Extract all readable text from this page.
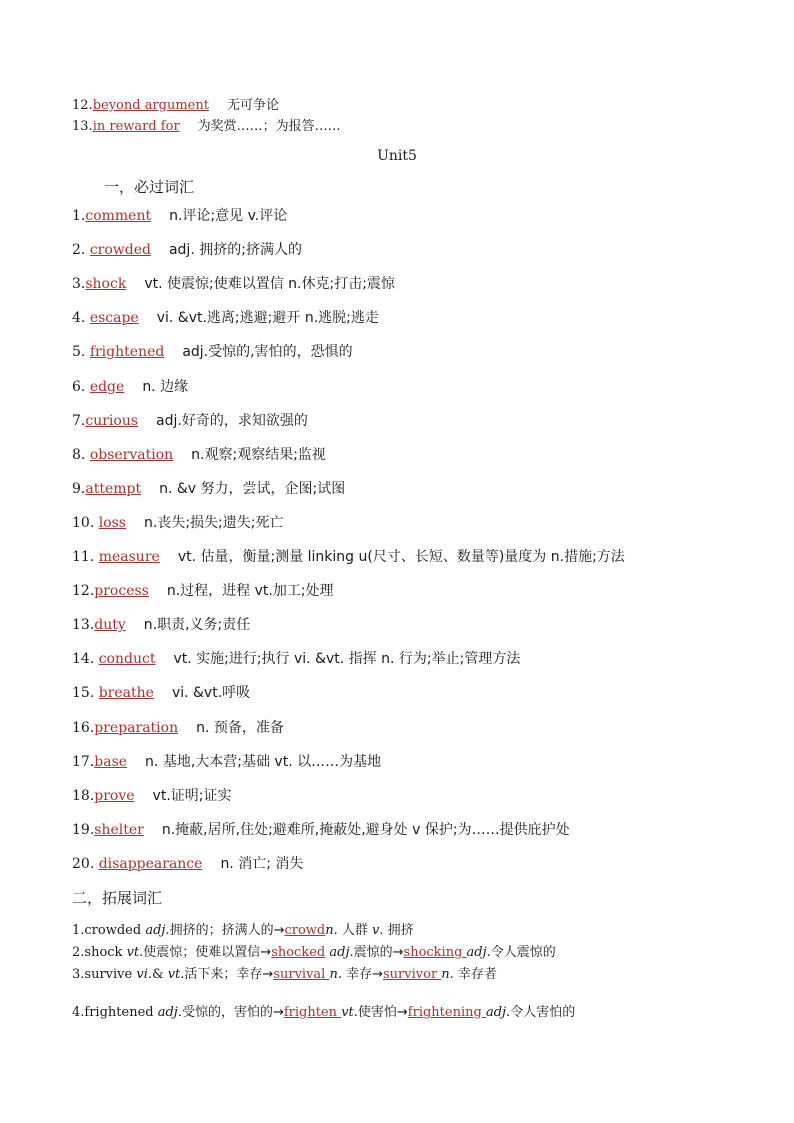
12.beyond argument 无可争论
13.in reward for 为奖赏……；为报答……
Unit5
一，必过词汇
1.comment n.评论;意见 v.评论
2. crowded adj. 拥挤的;挤满人的
3.shock vt. 使震惊;使难以置信 n.休克;打击;震惊
4. escape vi. &vt.逃离;逃避;避开 n.逃脱;逃走
5. frightened adj.受惊的,害怕的，恐惧的
6. edge n. 边缘
7.curious adj.好奇的，求知欲强的
8. observation n.观察;观察结果;监视
9.attempt n. &v 努力，尝试，企图;试图
10. loss n.丧失;损失;遗失;死亡
11. measure vt. 估量，衡量;测量 linking u(尺寸、长短、数量等)量度为 n.措施;方法
12.process n.过程，进程 vt.加工;处理
13.duty n.职责,义务;责任
14. conduct vt. 实施;进行;执行 vi. &vt. 指挥 n. 行为;举止;管理方法
15. breathe vi. &vt.呼吸
16.preparation n. 预备，准备
17.base n. 基地,大本营;基础 vt. 以……为基地
18.prove vt.证明;证实
19.shelter n.掩蔽,居所,住处;避难所,掩蔽处,避身处 v 保护;为……提供庇护处
20. disappearance n. 消亡; 消失
二，拓展词汇
1.crowded adj.拥挤的；挤满人的→crowdn. 人群 v. 拥挤
2.shock vt.使震惊；使难以置信→shocked adj.震惊的→shocking adj.令人震惊的
3.survive vi.& vt.活下来；幸存→survival n. 幸存→survivor n. 幸存者
4.frightened adj.受惊的，害怕的→frighten vt.使害怕→frightening adj.令人害怕的
